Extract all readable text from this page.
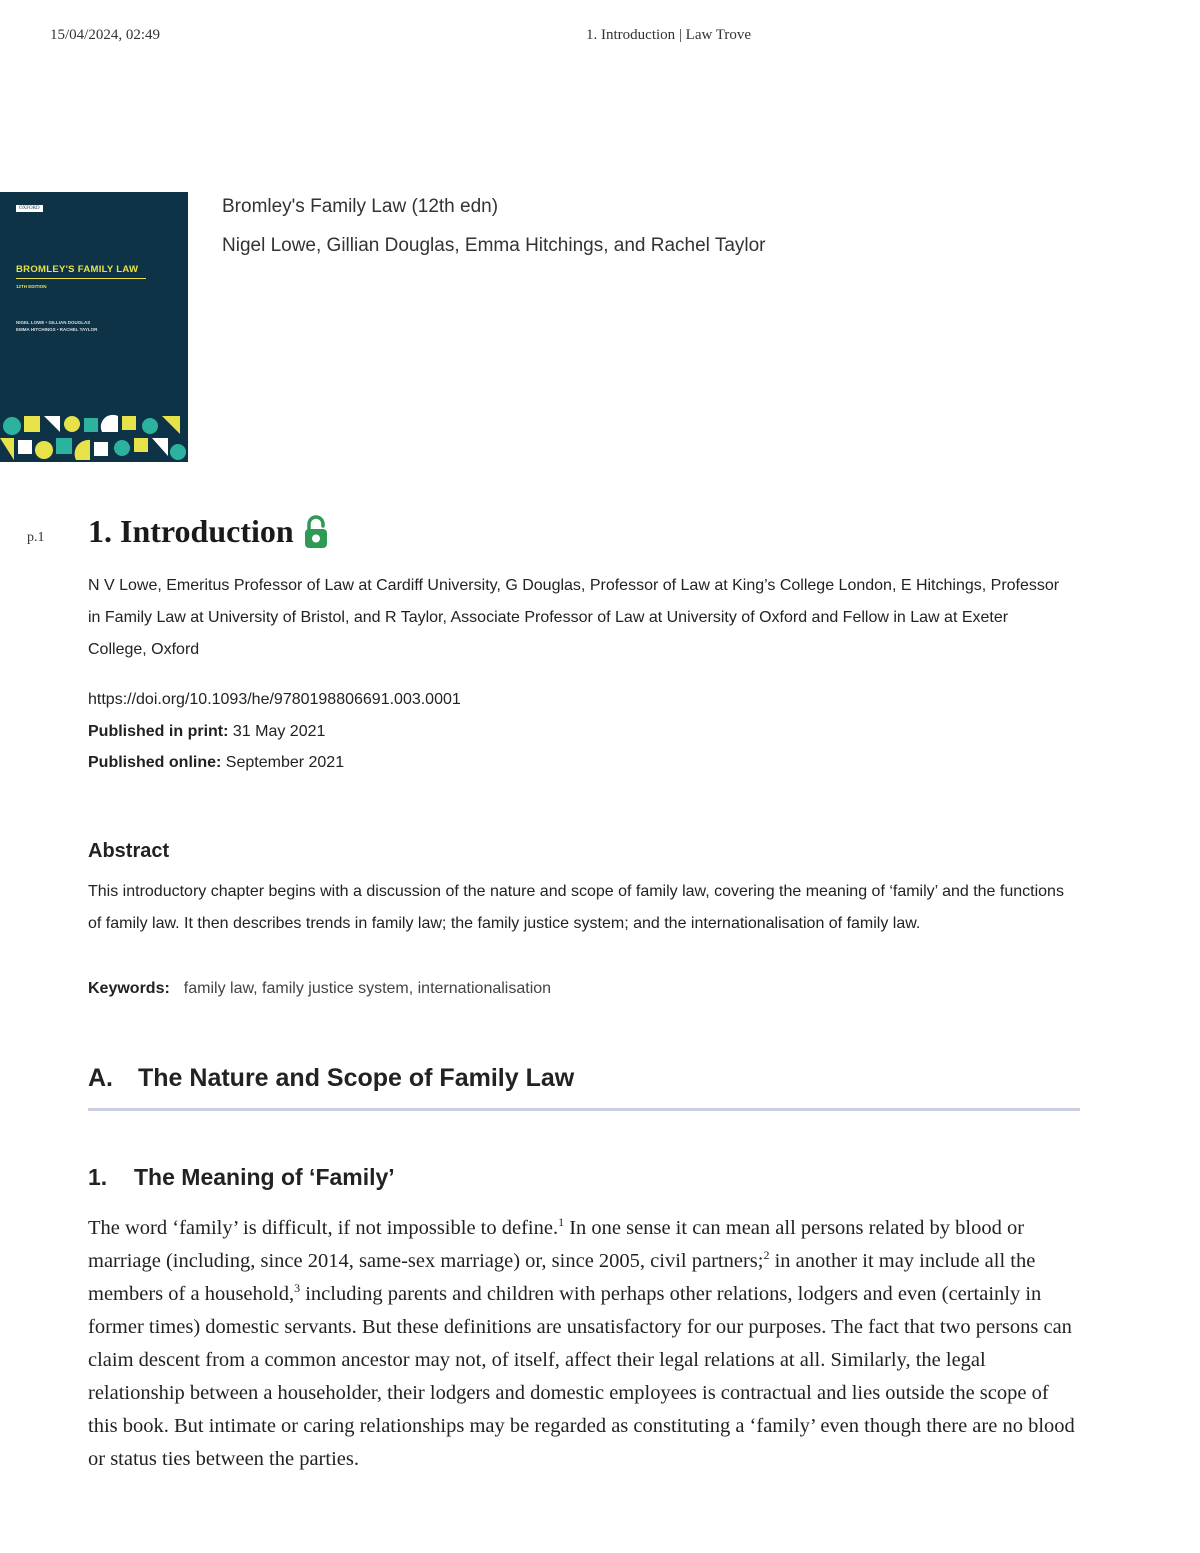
15/04/2024, 02:49	1. Introduction | Law Trove
OXFORD
BROMLEY'S FAMILY LAW
12TH EDITION
NIGEL LOWE • GILLIAN DOUGLAS
EMMA HITCHINGS • RACHEL TAYLOR
Bromley's Family Law (12th edn)
Nigel Lowe, Gillian Douglas, Emma Hitchings, and Rachel Taylor
p.1 1. Introduction
N V Lowe, Emeritus Professor of Law at Cardiff University, G Douglas, Professor of Law at King’s College London, E Hitchings, Professor in Family Law at University of Bristol, and R Taylor, Associate Professor of Law at University of Oxford and Fellow in Law at Exeter College, Oxford
https://doi.org/10.1093/he/9780198806691.003.0001
Published in print: 31 May 2021
Published online: September 2021
Abstract
This introductory chapter begins with a discussion of the nature and scope of family law, covering the meaning of ‘family’ and the functions of family law. It then describes trends in family law; the family justice system; and the internationalisation of family law.
Keywords: family law, family justice system, internationalisation
A. The Nature and Scope of Family Law
1. The Meaning of ‘Family’
The word ‘family’ is difficult, if not impossible to define.$^1$ In one sense it can mean all persons related by blood or marriage (including, since 2014, same-sex marriage) or, since 2005, civil partners;$^2$ in another it may include all the members of a household,$^3$ including parents and children with perhaps other relations, lodgers and even (certainly in former times) domestic servants. But these definitions are unsatisfactory for our purposes. The fact that two persons can claim descent from a common ancestor may not, of itself, affect their legal relations at all. Similarly, the legal relationship between a householder, their lodgers and domestic employees is contractual and lies outside the scope of this book. But intimate or caring relationships may be regarded as constituting a ‘family’ even though there are no blood or status ties between the parties.
